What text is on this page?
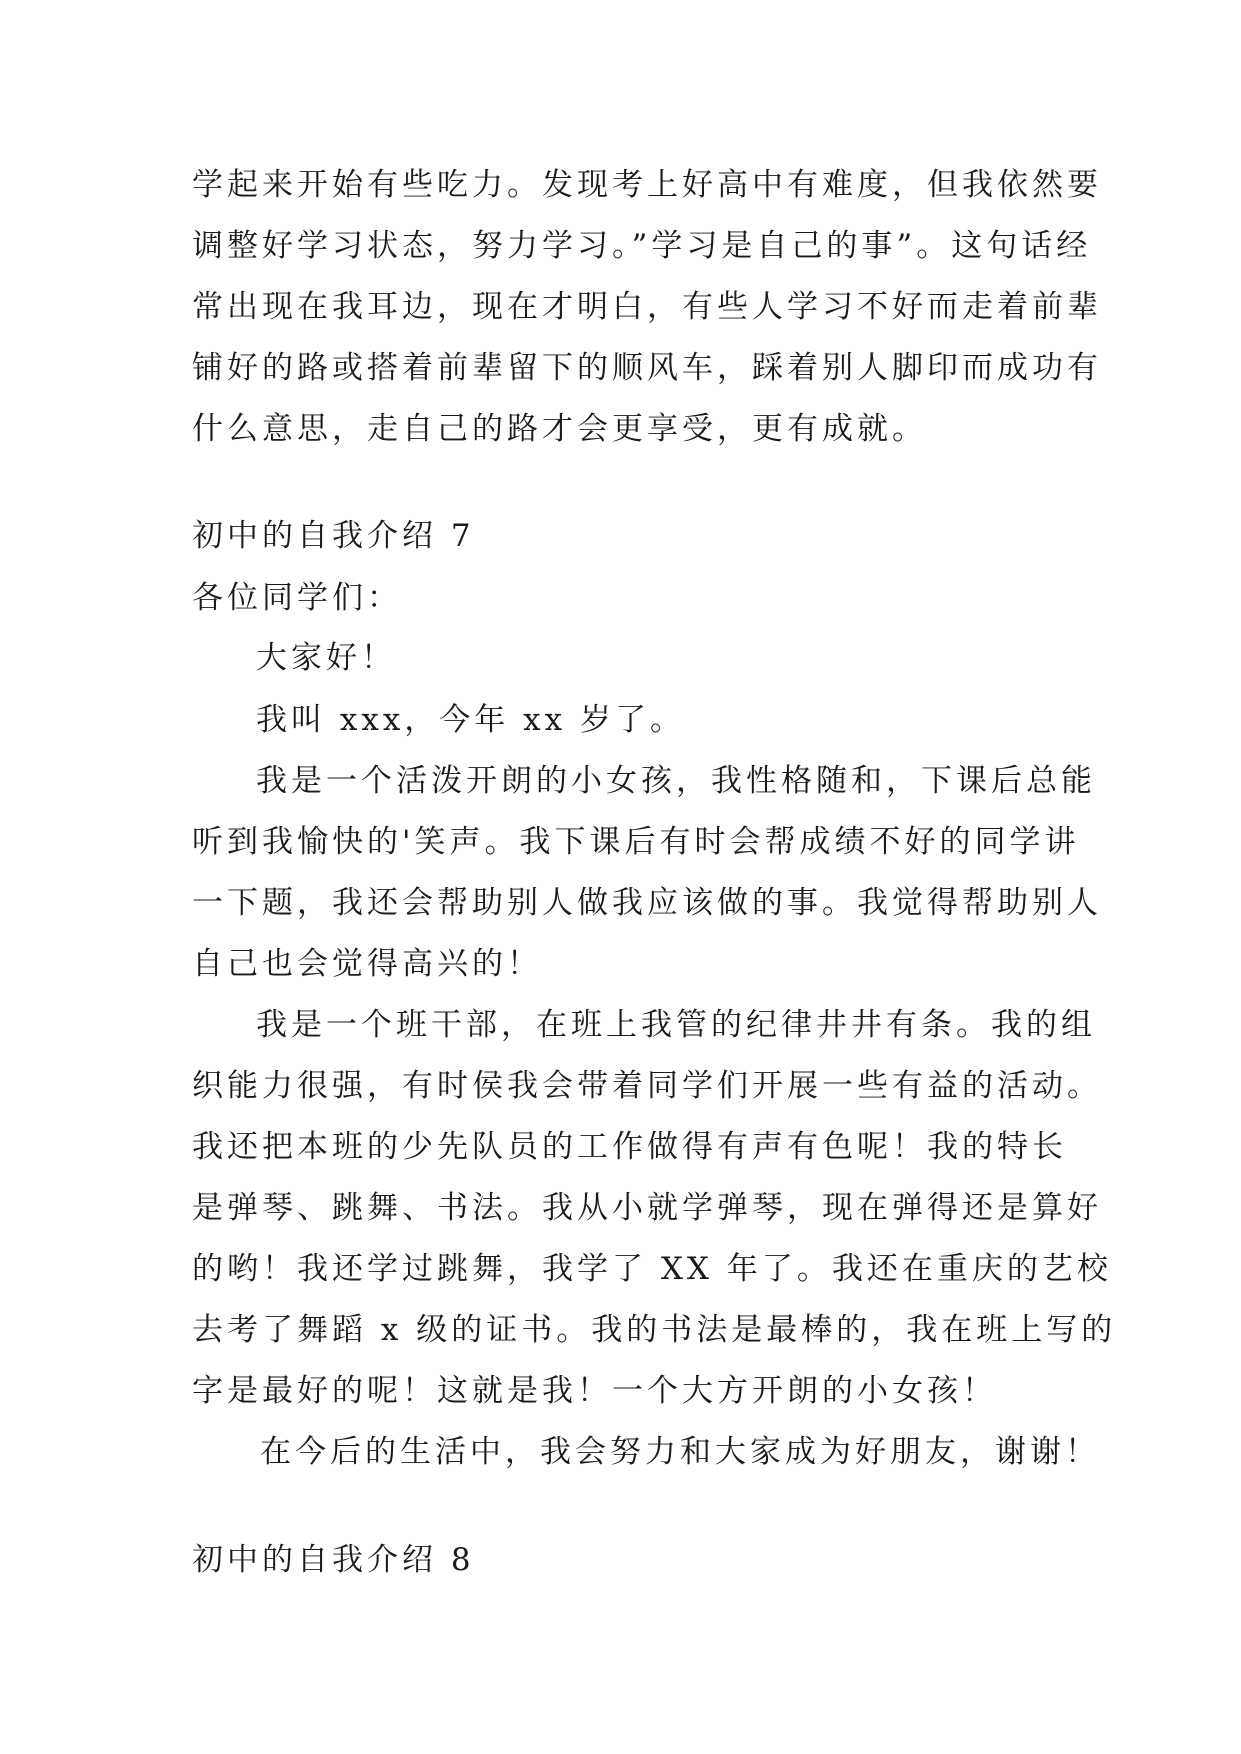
学起来开始有些吃力。发现考上好高中有难度，但我依然要
调整好学习状态，努力学习。”学习是自己的事”。这句话经
常出现在我耳边，现在才明白，有些人学习不好而走着前辈
铺好的路或搭着前辈留下的顺风车，踩着别人脚印而成功有
什么意思，走自己的路才会更享受，更有成就。
初中的自我介绍 7
各位同学们：
大家好！
我叫 xxx，今年 xx 岁了。
我是一个活泼开朗的小女孩，我性格随和，下课后总能
听到我愉快的'笑声。我下课后有时会帮成绩不好的同学讲
一下题，我还会帮助别人做我应该做的事。我觉得帮助别人
自己也会觉得高兴的！
我是一个班干部，在班上我管的纪律井井有条。我的组
织能力很强，有时侯我会带着同学们开展一些有益的活动。
我还把本班的少先队员的工作做得有声有色呢！我的特长
是弹琴、跳舞、书法。我从小就学弹琴，现在弹得还是算好
的哟！我还学过跳舞，我学了 XX 年了。我还在重庆的艺校
去考了舞蹈 x 级的证书。我的书法是最棒的，我在班上写的
字是最好的呢！这就是我！一个大方开朗的小女孩！
在今后的生活中，我会努力和大家成为好朋友，谢谢！
初中的自我介绍 8
